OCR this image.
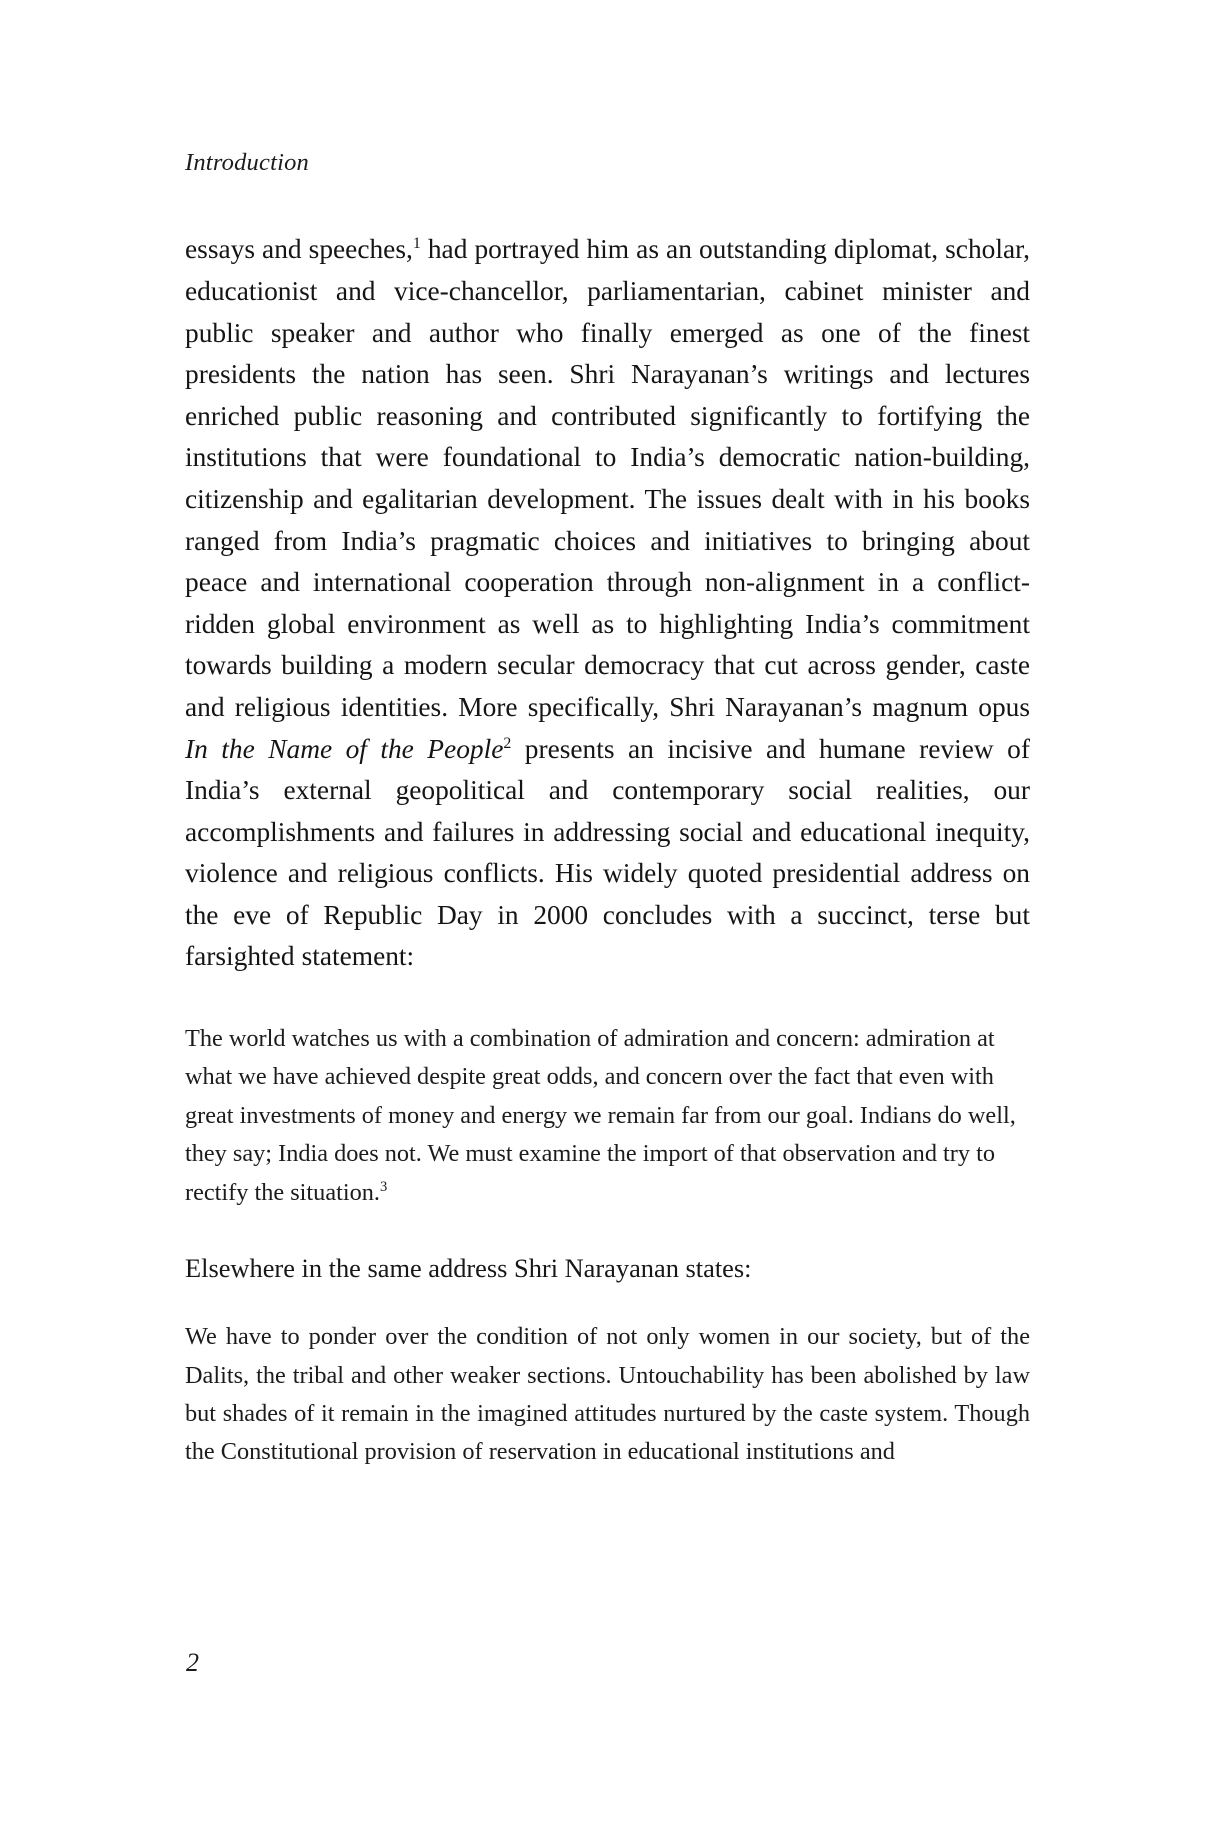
Introduction

essays and speeches,$^1$ had portrayed him as an outstanding diplomat, scholar, educationist and vice-chancellor, parliamentarian, cabinet minister and public speaker and author who finally emerged as one of the finest presidents the nation has seen. Shri Narayanan’s writings and lectures enriched public reasoning and contributed significantly to fortifying the institutions that were foundational to India’s democratic nation-building, citizenship and egalitarian development. The issues dealt with in his books ranged from India’s pragmatic choices and initiatives to bringing about peace and international cooperation through non-alignment in a conflict-ridden global environment as well as to highlighting India’s commitment towards building a modern secular democracy that cut across gender, caste and religious identities. More specifically, Shri Narayanan’s magnum opus In the Name of the People$^2$ presents an incisive and humane review of India’s external geopolitical and contemporary social realities, our accomplishments and failures in addressing social and educational inequity, violence and religious conflicts. His widely quoted presidential address on the eve of Republic Day in 2000 concludes with a succinct, terse but farsighted statement:

The world watches us with a combination of admiration and concern: admiration at what we have achieved despite great odds, and concern over the fact that even with great investments of money and energy we remain far from our goal. Indians do well, they say; India does not. We must examine the import of that observation and try to rectify the situation.$^3$

Elsewhere in the same address Shri Narayanan states:

We have to ponder over the condition of not only women in our society, but of the Dalits, the tribal and other weaker sections. Untouchability has been abolished by law but shades of it remain in the imagined attitudes nurtured by the caste system. Though the Constitutional provision of reservation in educational institutions and

2
